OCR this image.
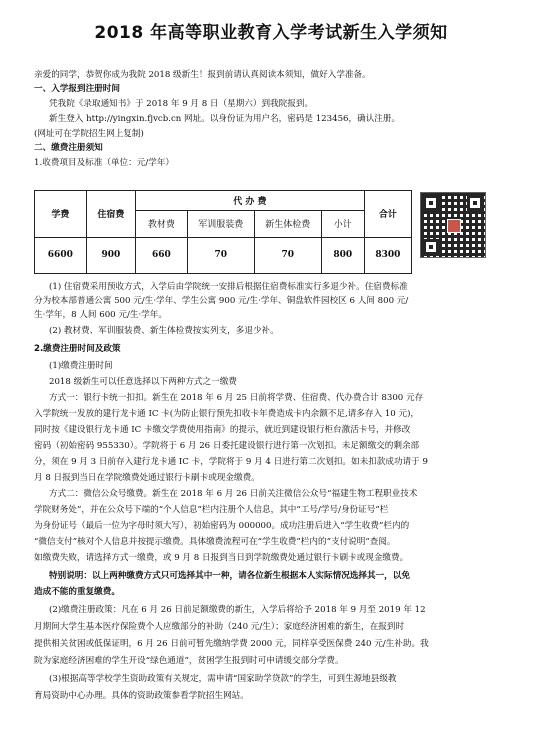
2018 年高等职业教育入学考试新生入学须知
亲爱的同学，恭贺你成为我院 2018 级新生！报到前请认真阅读本须知，做好入学准备。
一、入学报到注册时间
凭我院《录取通知书》于 2018 年 9 月 8 日（星期六）到我院报到。
新生登入 http://yingxin.fjvcb.cn 网址。以身份证为用户名，密码是 123456，确认注册。
(网址可在学院招生网上复制)
二、缴费注册须知
1.收费项目及标准（单位：元/学年）
学费	住宿费	代 办 费				合计
		教材费	军训服装费	新生体检费	小计	
6600	900	660	70	70	800	8300
(1) 住宿费采用预收方式，入学后由学院统一安排后根据住宿费标准实行多退少补。住宿费标准
分为校本部普通公寓 500 元/生·学年、学生公寓 900 元/生·学年、铜盘软件园校区 6 人间 800 元/
生·学年，8 人间 600 元/生·学年。
(2) 教材费、军训服装费、新生体检费按实列支，多退少补。
2.缴费注册时间及政策
(1)缴费注册时间
2018 级新生可以任意选择以下两种方式之一缴费
方式一：银行卡统一扣扣。新生在 2018 年 6 月 25 日前将学费、住宿费、代办费合计 8300 元存
入学院统一发放的建行龙卡通 IC 卡(为防止银行预先扣收卡年费造成卡内余额不足,请多存入 10 元)，
同时按《建设银行龙卡通 IC 卡缴交学费使用指南》的提示，就近到建设银行柜台激活卡号，并修改
密码（初始密码 955330）。学院将于 6 月 26 日委托建设银行进行第一次划扣。未足额缴交的剩余部
分，须在 9 月 3 日前存入建行龙卡通 IC 卡，学院将于 9 月 4 日进行第二次划扣。如未扣款成功请于 9
月 8 日报到当日在学院缴费处通过银行卡刷卡或现金缴费。
方式二：微信公众号缴费。新生在 2018 年 6 月 26 日前关注微信公众号“福建生物工程职业技术
学院财务处”，并在公众号下端的“个人信息”栏内注册个人信息，其中“工号/学号/身份证号”栏
为身份证号（最后一位为字母时须大写），初始密码为 000000。成功注册后进入“学生收费”栏内的
“微信支付”核对个人信息并按提示缴费。具体缴费流程可在“学生收费”栏内的“支付说明”查阅。
如缴费失败，请选择方式一缴费，或 9 月 8 日报到当日到学院缴费处通过银行卡刷卡或现金缴费。
特别说明：以上两种缴费方式只可选择其中一种，请各位新生根据本人实际情况选择其一，以免
造成不能的重复缴费。
(2)缴费注册政策：凡在 6 月 26 日前足额缴费的新生，入学后将给予 2018 年 9 月至 2019 年 12
月期间大学生基本医疗保险费个人应缴部分的补助（240 元/生）；家庭经济困难的新生，在报到时
提供相关贫困或低保证明，6 月 26 日前可暂先缴纳学费 2000 元，同样享受医保费 240 元/生补助。我
院为家庭经济困难的学生开设“绿色通道”，贫困学生报到时可申请缓交部分学费。
(3)根据高等学校学生资助政策有关规定，需申请“国家助学贷款”的学生，可到生源地县级教
育局资助中心办理。具体的资助政策参看学院招生网站。
